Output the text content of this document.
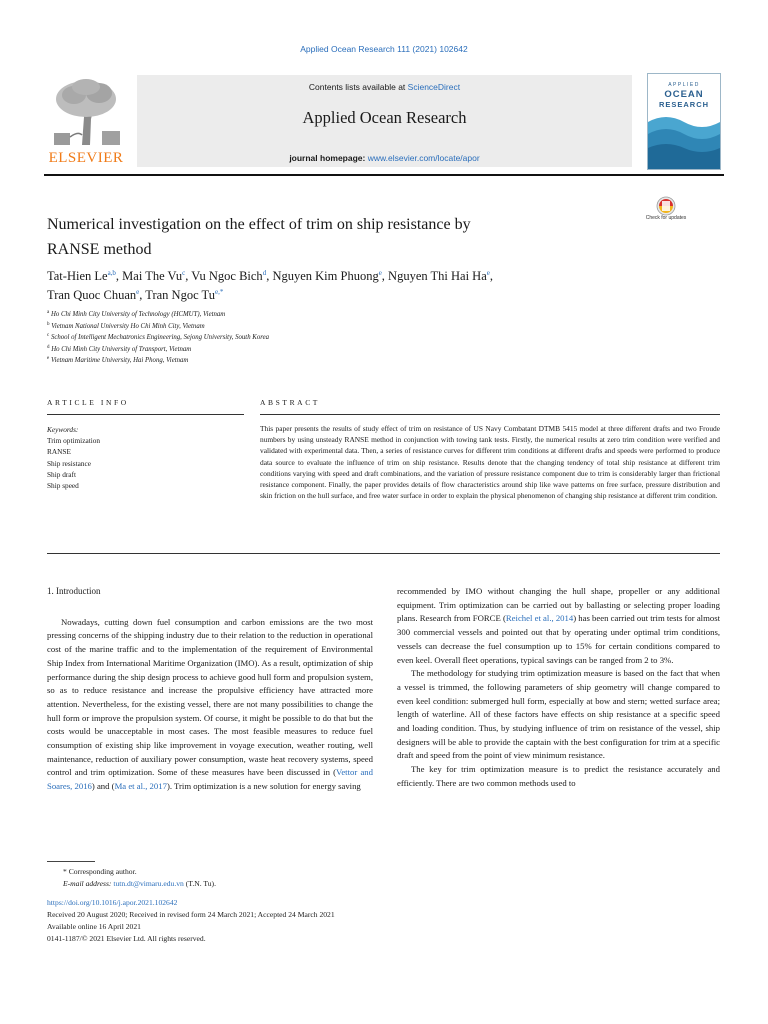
Applied Ocean Research 111 (2021) 102642
ELSEVIER
Contents lists available at ScienceDirect
Applied Ocean Research
journal homepage: www.elsevier.com/locate/apor
APPLIED
OCEAN
RESEARCH
Numerical investigation on the effect of trim on ship resistance by
RANSE method
Check for updates
Tat-Hien Le$^{a,b}$, Mai The Vu$^c$, Vu Ngoc Bich$^d$, Nguyen Kim Phuong$^e$, Nguyen Thi Hai Ha$^e$,
Tran Quoc Chuan$^e$, Tran Ngoc $Tu^{e,*}$
$^a$ Ho Chi Minh City University of Technology (HCMUT), Vietnam
$^b$ Vietnam National University Ho Chi Minh City, Vietnam
$^c$ School of Intelligent Mechatronics Engineering, Sejong University, South Korea
$^d$ Ho Chi Minh City University of Transport, Vietnam
$^e$ Vietnam Maritime University, Hai Phong, Vietnam
ARTICLE INFO	ABSTRACT
Keywords:
Trim optimization
RANSE
Ship resistance
Ship draft
Ship speed
This paper presents the results of study effect of trim on resistance of US Navy Combatant DTMB 5415 model at three different drafts and two Froude numbers by using unsteady RANSE method in conjunction with towing tank tests. Firstly, the numerical results at zero trim condition were verified and validated with experimental data. Then, a series of resistance curves for different trim conditions at different drafts and speeds were performed to produce data source to evaluate the influence of trim on ship resistance. Results denote that the changing tendency of total ship resistance at different trim conditions varying with speed and draft combinations, and the variation of pressure resistance component due to trim is considerably larger than frictional resistance component. Finally, the paper provides details of flow characteristics around ship like wave patterns on free surface, pressure distribution and skin friction on the hull surface, and free water surface in order to explain the physical phenomenon of changing ship resistance at different trim condition.

1. Introduction

Nowadays, cutting down fuel consumption and carbon emissions are the two most pressing concerns of the shipping industry due to their relation to the reduction in operational cost of the marine traffic and to the implementation of the requirement of Environmental Ship Index from International Maritime Organization (IMO). As a result, optimization of ship performance during the ship design process to achieve good hull form and propulsion system, so as to reduce resistance and increase the propulsive efficiency have attracted more attention. Nevertheless, for the existing vessel, there are not many possibilities to change the hull form or improve the propulsion system. Of course, it might be possible to do that but the costs would be unacceptable in most cases. The most feasible measures to reduce fuel consumption of existing ship like improvement in voyage execution, weather routing, well maintenance, reduction of auxiliary power consumption, waste heat recovery systems, speed control and trim optimization. Some of these measures have been discussed in (Vettor and Soares, 2016) and (Ma et al., 2017). Trim optimization is a new solution for energy saving

recommended by IMO without changing the hull shape, propeller or any additional equipment. Trim optimization can be carried out by ballasting or selecting proper loading plans. Research from FORCE (Reichel et al., 2014) has been carried out trim tests for almost 300 commercial vessels and pointed out that by operating under optimal trim conditions, vessels can decrease the fuel consumption up to 15% for certain conditions compared to even keel. Overall fleet operations, typical savings can be ranged from 2 to 3%.

The methodology for studying trim optimization measure is based on the fact that when a vessel is trimmed, the following parameters of ship geometry will change compared to even keel condition: submerged hull form, especially at bow and stern; wetted surface area; length of waterline. All of these factors have effects on ship resistance at a specific speed and loading condition. Thus, by studying influence of trim on resistance of the vessel, ship designers will be able to provide the captain with the best configuration for trim at a specific draft and speed from the point of view minimum resistance.

The key for trim optimization measure is to predict the resistance accurately and efficiently. There are two common methods used to

* Corresponding author.
E-mail address: tutn.dt@vimaru.edu.vn (T.N. Tu).
https://doi.org/10.1016/j.apor.2021.102642
Received 20 August 2020; Received in revised form 24 March 2021; Accepted 24 March 2021
Available online 16 April 2021
0141-1187/© 2021 Elsevier Ltd. All rights reserved.
